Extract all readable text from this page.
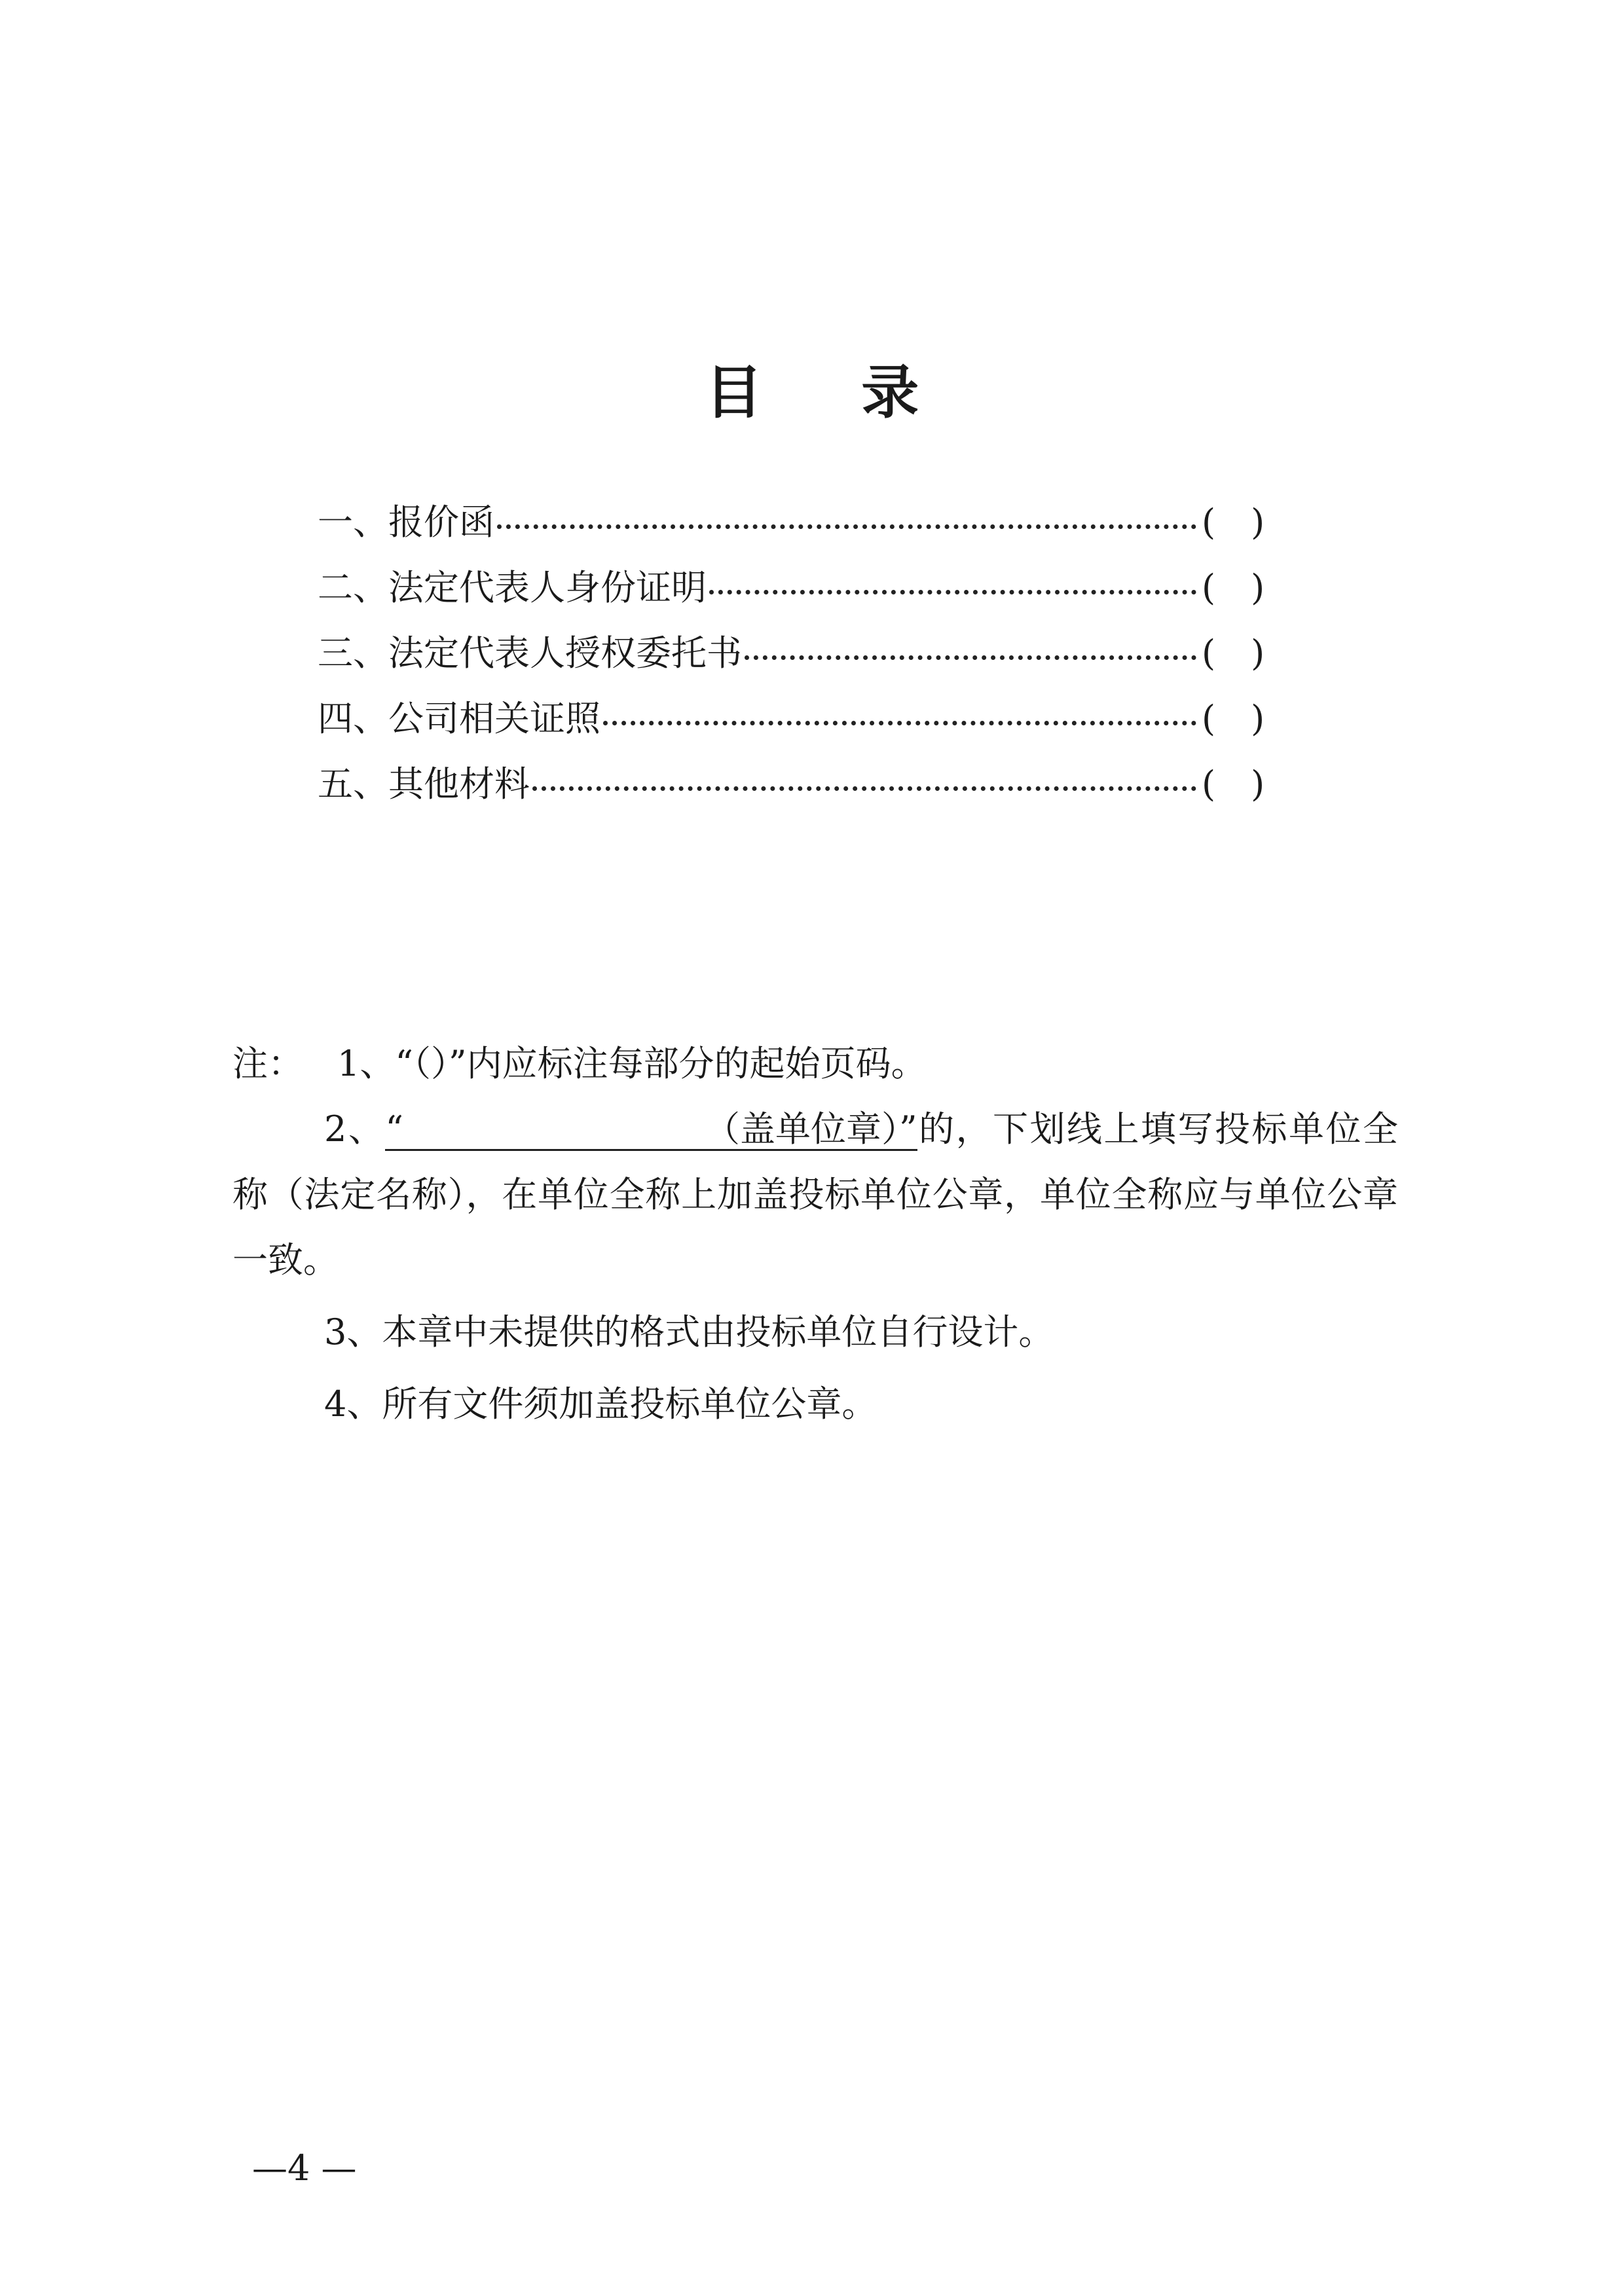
目 录
一、报价函	(　)
二、法定代表人身份证明	(　)
三、法定代表人授权委托书	(　)
四、公司相关证照	(　)
五、其他材料	(　)
注： 1、“（）”内应标注每部分的起始页码。
2、“	（盖单位章）”的，下划线上填写投标单位全称（法定名称），在单位全称上加盖投标单位公章，单位全称应与单位公章一致。
3、本章中未提供的格式由投标单位自行设计。
4、所有文件须加盖投标单位公章。
—4 —
